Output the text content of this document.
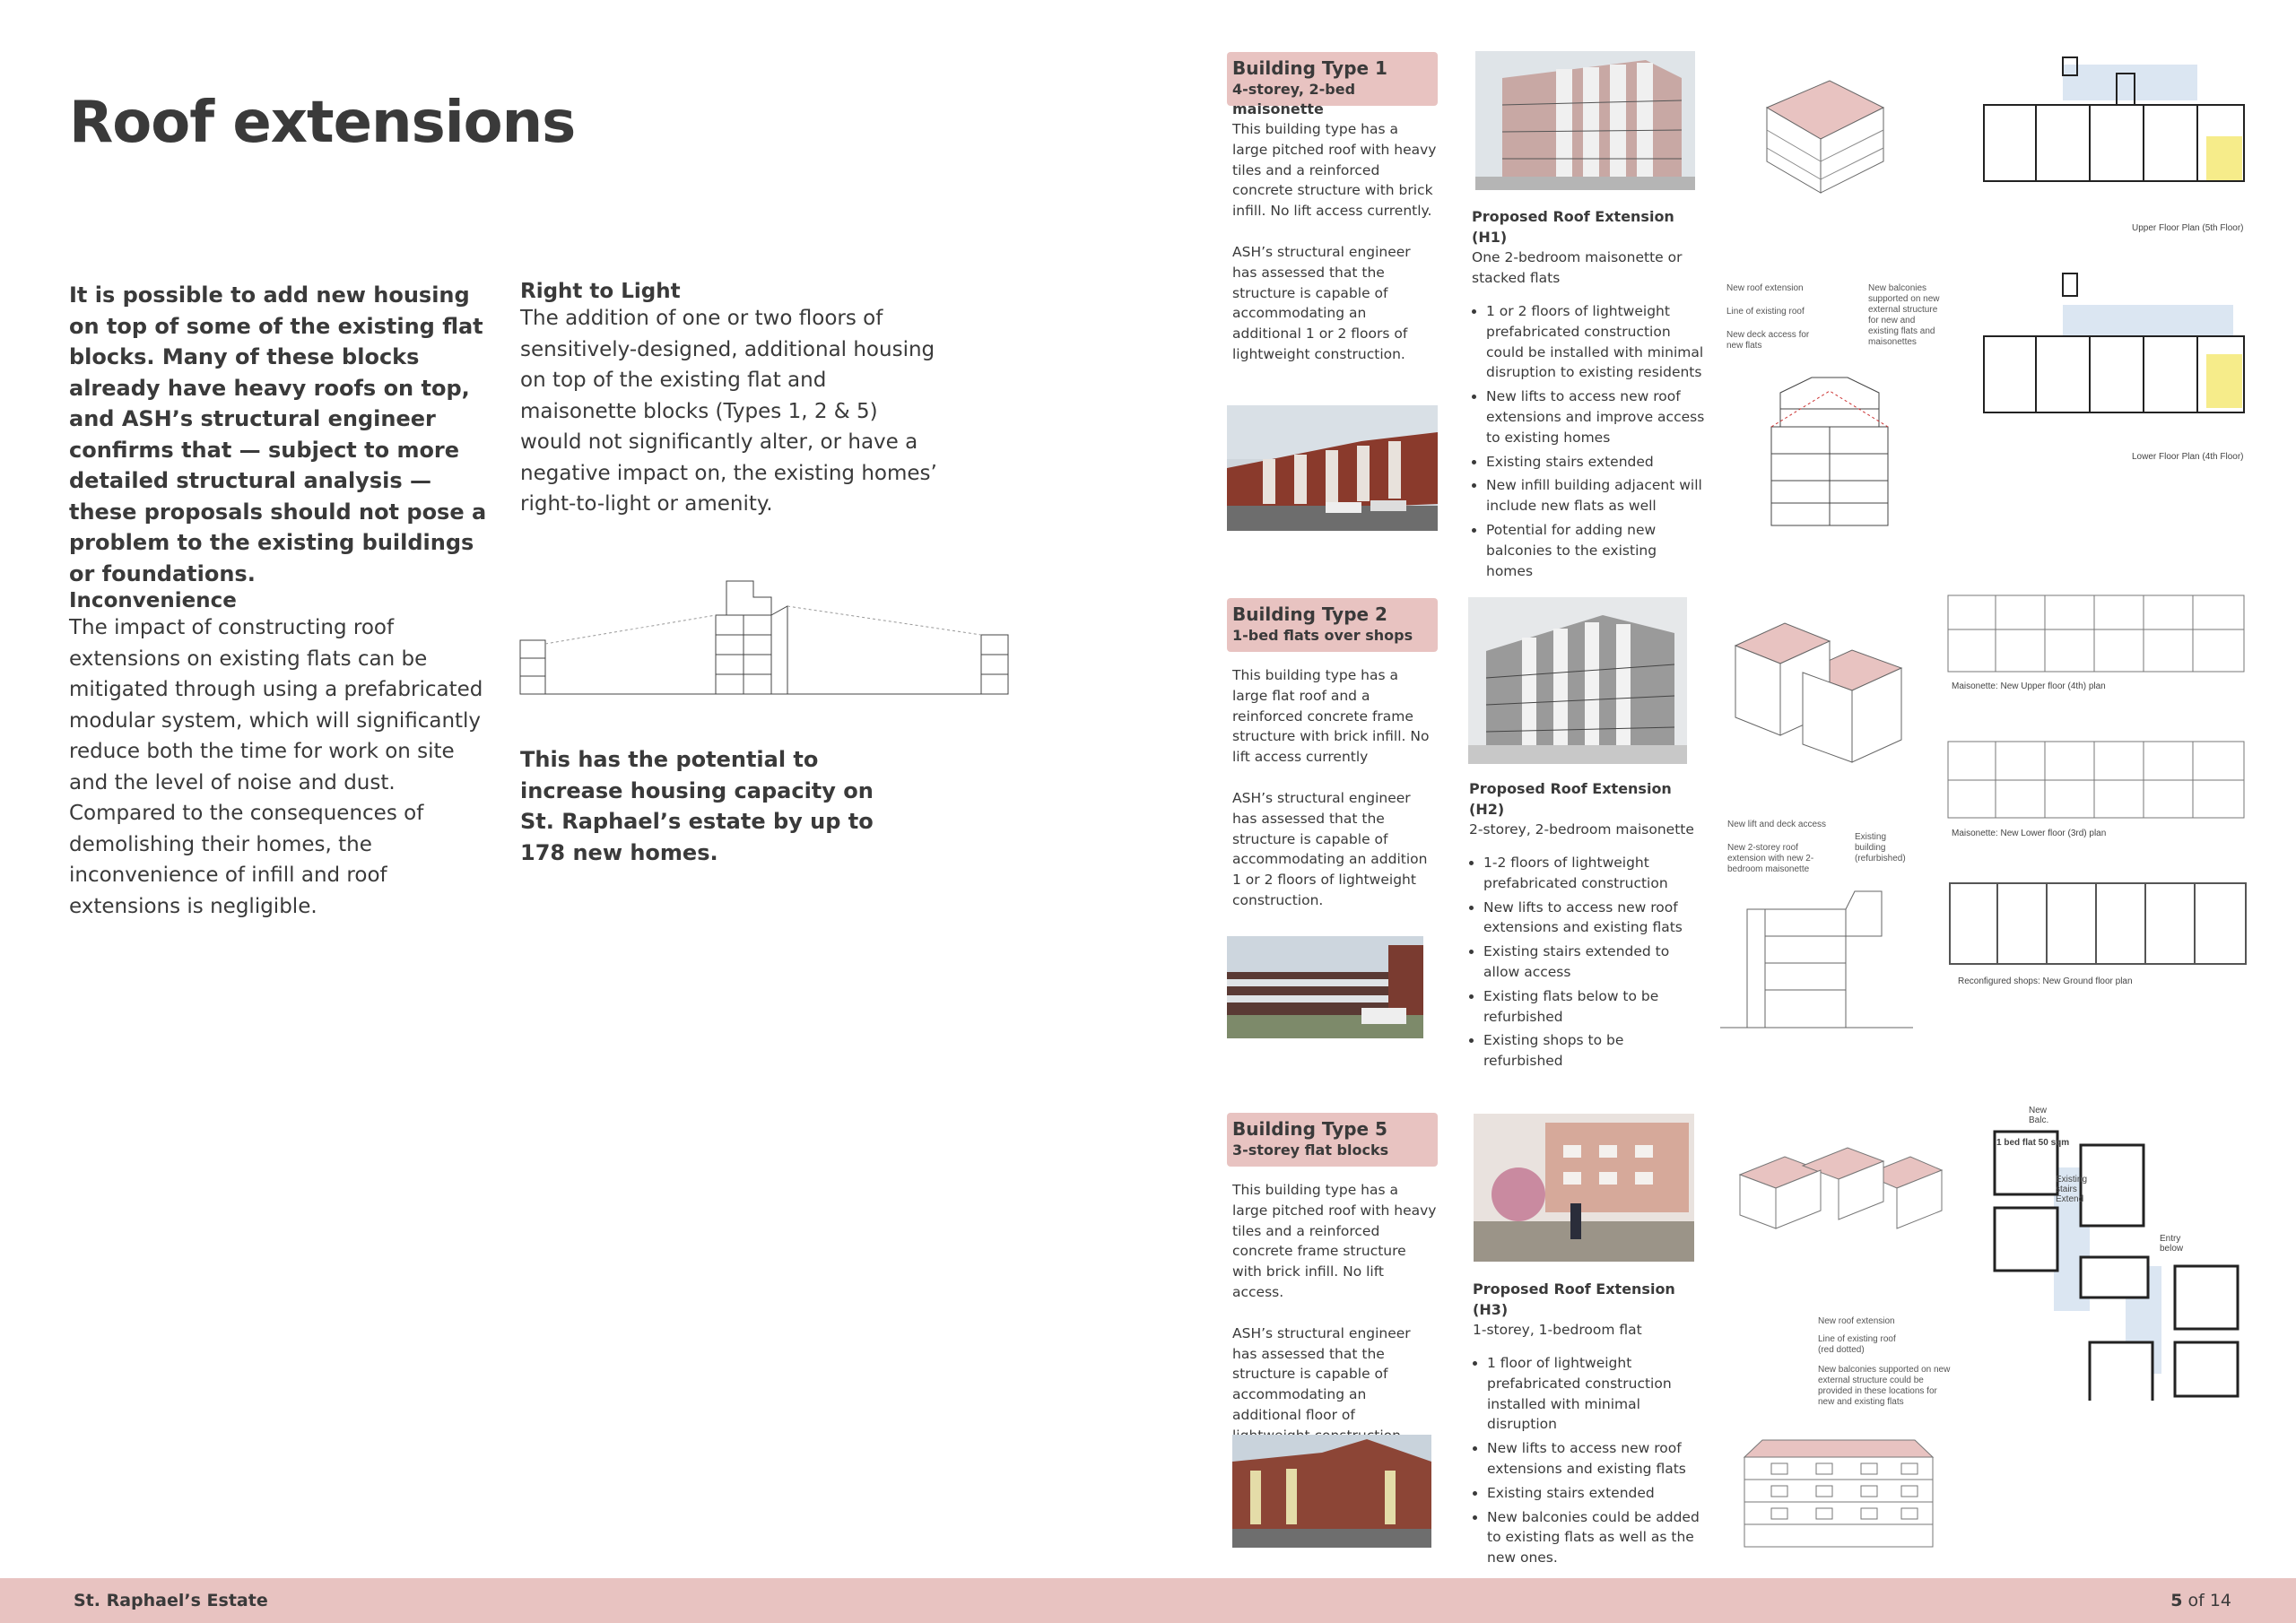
Roof extensions
It is possible to add new housing on top of some of the existing flat blocks. Many of these blocks already have heavy roofs on top, and ASH’s structural engineer confirms that — subject to more detailed structural analysis — these proposals should not pose a problem to the existing buildings or foundations.
Right to Light

The addition of one or two floors of sensitively-designed, additional housing on top of the existing flat and maisonette blocks (Types 1, 2 & 5) would not significantly alter, or have a negative impact on, the existing homes’ right-to-light or amenity.

Inconvenience

The impact of constructing roof extensions on existing flats can be mitigated through using a prefabricated modular system, which will significantly reduce both the time for work on site and the level of noise and dust. Compared to the consequences of demolishing their homes, the inconvenience of infill and roof extensions is negligible.

This has the potential to increase housing capacity on St. Raphael’s estate by up to 178 new homes.
Building Type 1
4-storey, 2-bed maisonette

This building type has a large pitched roof with heavy tiles and a reinforced concrete structure with brick infill. No lift access currently.

ASH’s structural engineer has assessed that the structure is capable of accommodating an additional 1 or 2 floors of lightweight construction.

Proposed Roof Extension (H1)
One 2-bedroom maisonette or stacked flats
• 1 or 2 floors of lightweight prefabricated construction could be installed with minimal disruption to existing residents
• New lifts to access new roof extensions and improve access to existing homes
• Existing stairs extended
• New infill building adjacent will include new flats as well
• Potential for adding new balconies to the existing homes
New roof extension
Line of existing roof
New deck access for new flats
New balconies supported on new external structure for new and existing flats and maisonettes
Upper Floor Plan (5th Floor)
Lower Floor Plan (4th Floor)
Building Type 2
1-bed flats over shops

This building type has a large flat roof and a reinforced concrete frame structure with brick infill. No lift access currently

ASH’s structural engineer has assessed that the structure is capable of accommodating an addition 1 or 2 floors of lightweight construction.

Proposed Roof Extension (H2)
2-storey, 2-bedroom maisonette
• 1-2 floors of lightweight prefabricated construction
• New lifts to access new roof extensions and existing flats
• Existing stairs extended to allow access
• Existing flats below to be refurbished
• Existing shops to be refurbished
New lift and deck access
New 2-storey roof extension with new 2-bedroom maisonette
Existing building (refurbished)
Maisonette: New Upper floor (4th) plan
Maisonette: New Lower floor (3rd) plan
Reconfigured shops: New Ground floor plan
Building Type 5
3-storey flat blocks

This building type has a large pitched roof with heavy tiles and a reinforced concrete frame structure with brick infill. No lift access.

ASH’s structural engineer has assessed that the structure is capable of accommodating an additional floor of

Proposed Roof Extension (H3)
1-storey, 1-bedroom flat
• 1 floor of lightweight prefabricated construction installed with minimal disruption
• New lifts to access new roof extensions and existing flats
• Existing stairs extended
• New balconies could be added to existing flats as well as the new ones.
New roof extension
Line of existing roof (red dotted)
New balconies supported on new external structure could be provided in these locations for new and existing flats
1 bed flat 50 sqm
Existing stairs Extend
Entry below
New Balc.
St. Raphael’s Estate	5 of 14
